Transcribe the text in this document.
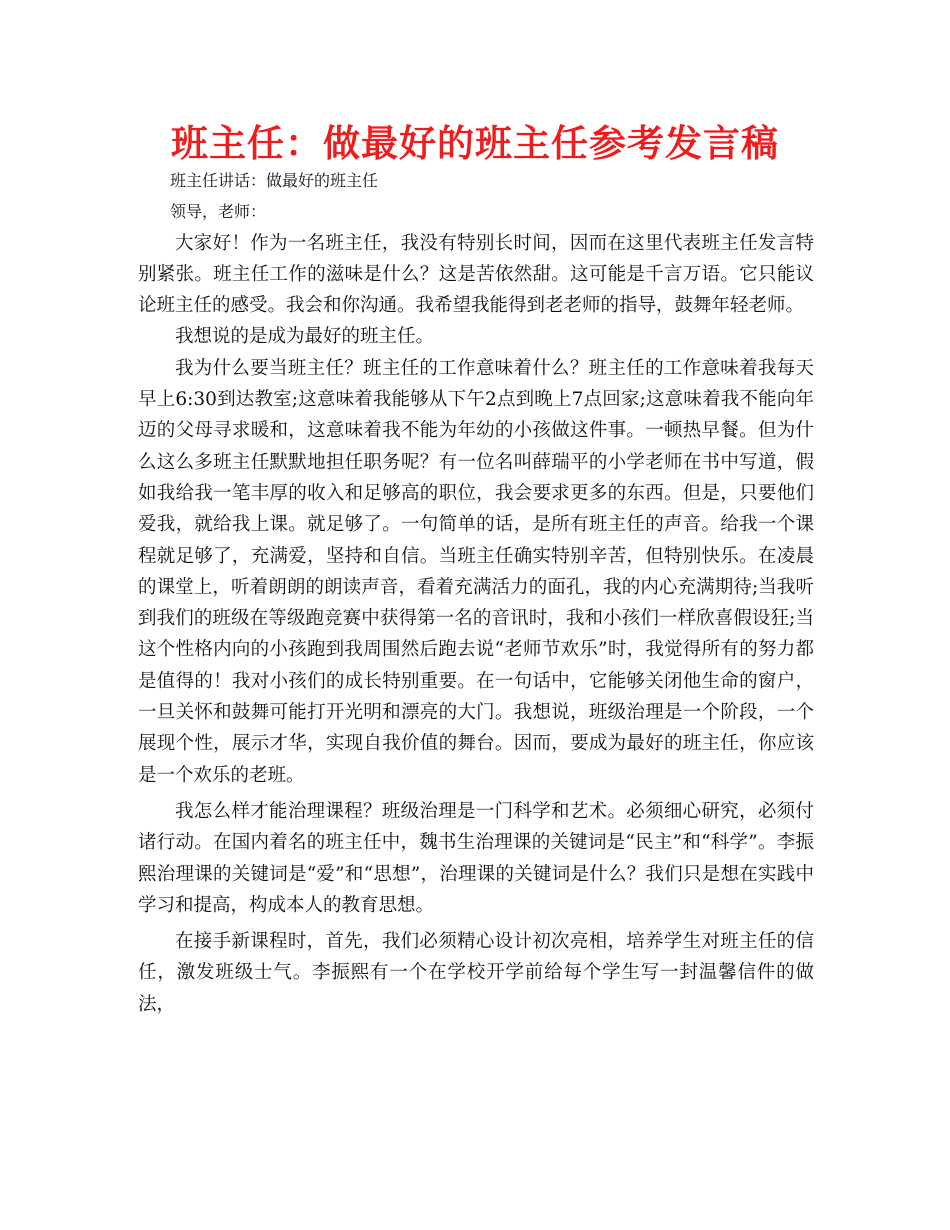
班主任：做最好的班主任参考发言稿

班主任讲话：做最好的班主任

领导，老师：

大家好！作为一名班主任，我没有特别长时间，因而在这里代表班主任发言特别紧张。班主任工作的滋味是什么？这是苦依然甜。这可能是千言万语。它只能议论班主任的感受。我会和你沟通。我希望我能得到老老师的指导，鼓舞年轻老师。

我想说的是成为最好的班主任。

我为什么要当班主任？班主任的工作意味着什么？班主任的工作意味着我每天早上6:30到达教室;这意味着我能够从下午2点到晚上7点回家;这意味着我不能向年迈的父母寻求暖和，这意味着我不能为年幼的小孩做这件事。一顿热早餐。但为什么这么多班主任默默地担任职务呢？有一位名叫薛瑞平的小学老师在书中写道，假如我给我一笔丰厚的收入和足够高的职位，我会要求更多的东西。但是，只要他们爱我，就给我上课。就足够了。一句简单的话，是所有班主任的声音。给我一个课程就足够了，充满爱，坚持和自信。当班主任确实特别辛苦，但特别快乐。在凌晨的课堂上，听着朗朗的朗读声音，看着充满活力的面孔，我的内心充满期待;当我听到我们的班级在等级跑竞赛中获得第一名的音讯时，我和小孩们一样欣喜假设狂;当这个性格内向的小孩跑到我周围然后跑去说“老师节欢乐”时，我觉得所有的努力都是值得的！我对小孩们的成长特别重要。在一句话中，它能够关闭他生命的窗户，一旦关怀和鼓舞可能打开光明和漂亮的大门。我想说，班级治理是一个阶段，一个展现个性，展示才华，实现自我价值的舞台。因而，要成为最好的班主任，你应该是一个欢乐的老班。

我怎么样才能治理课程？班级治理是一门科学和艺术。必须细心研究，必须付诸行动。在国内着名的班主任中，魏书生治理课的关键词是“民主”和“科学”。李振熙治理课的关键词是“爱”和“思想”，治理课的关键词是什么？我们只是想在实践中学习和提高，构成本人的教育思想。

在接手新课程时，首先，我们必须精心设计初次亮相，培养学生对班主任的信任，激发班级士气。李振熙有一个在学校开学前给每个学生写一封温馨信件的做法，
